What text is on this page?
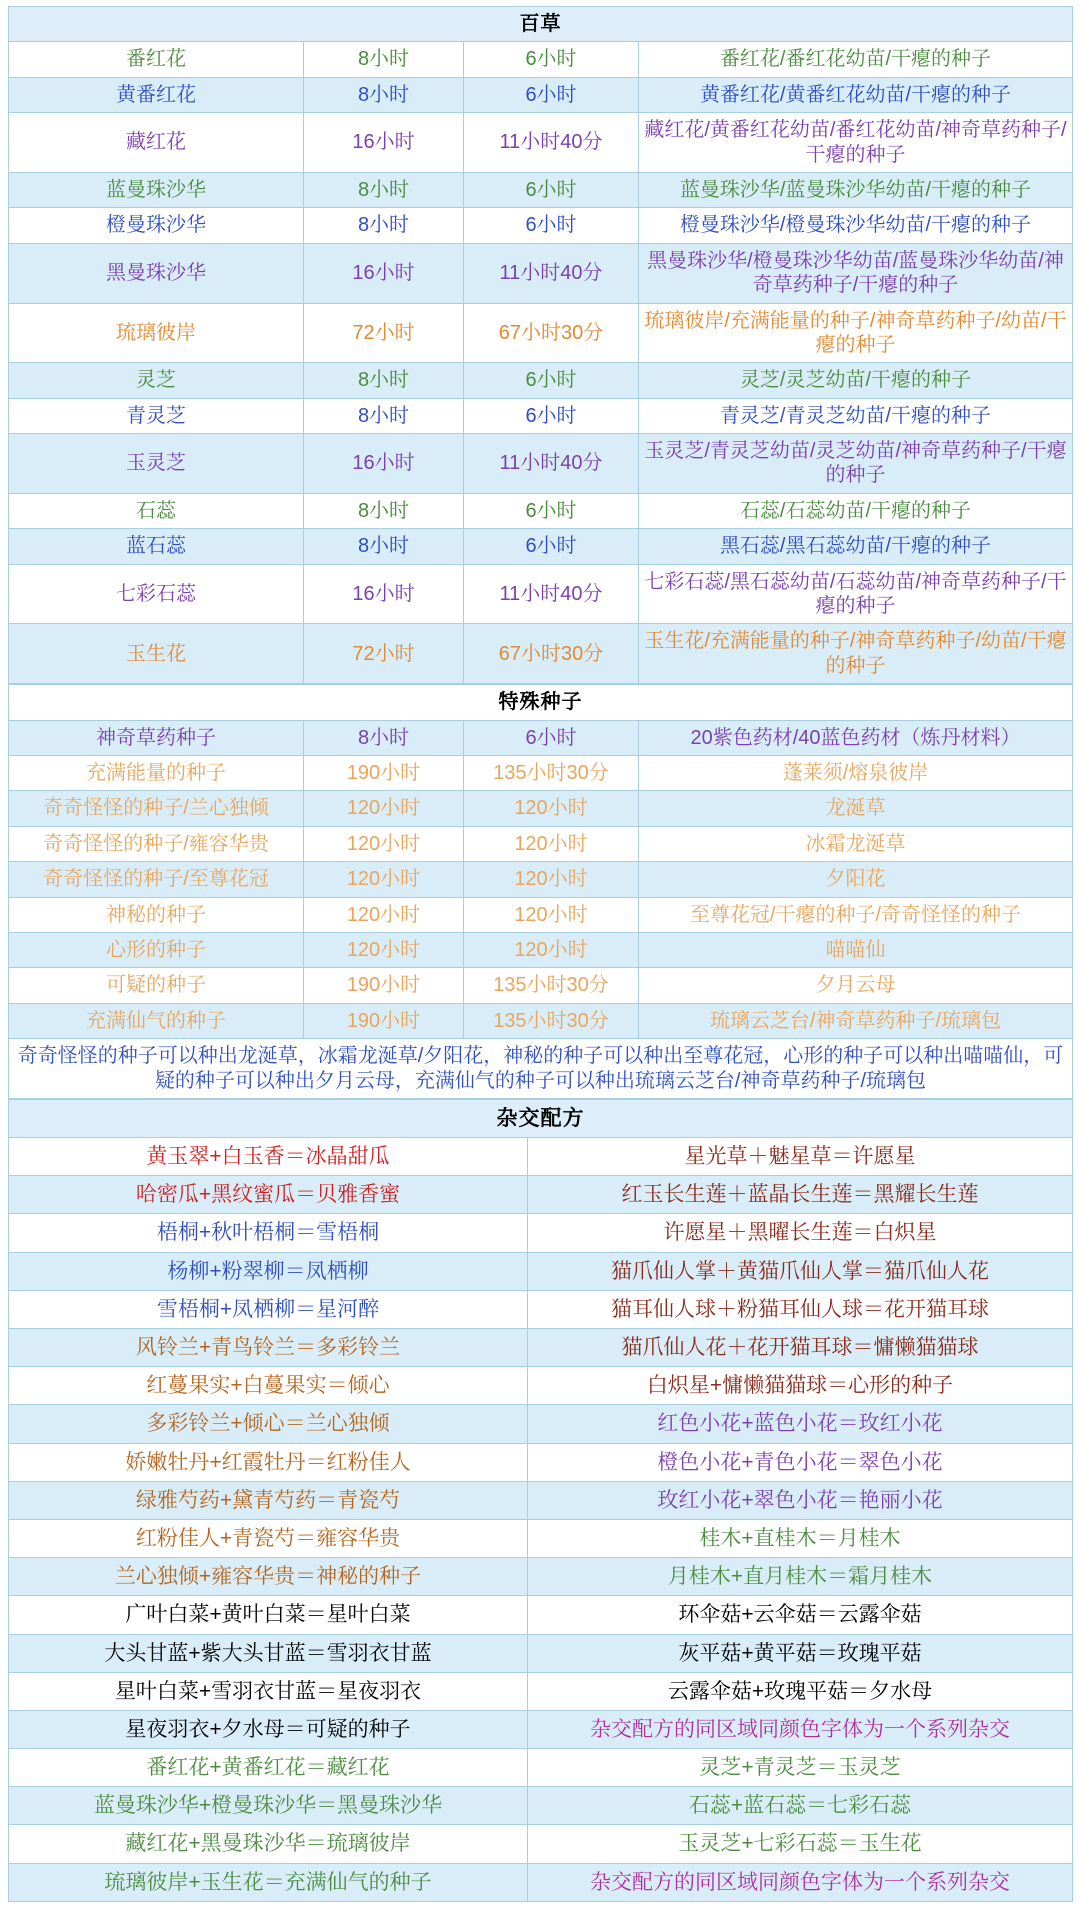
百草			
番红花	8小时	6小时	番红花/番红花幼苗/干瘪的种子
黄番红花	8小时	6小时	黄番红花/黄番红花幼苗/干瘪的种子
藏红花	16小时	11小时40分	藏红花/黄番红花幼苗/番红花幼苗/神奇草药种子/干瘪的种子
蓝曼珠沙华	8小时	6小时	蓝曼珠沙华/蓝曼珠沙华幼苗/干瘪的种子
橙曼珠沙华	8小时	6小时	橙曼珠沙华/橙曼珠沙华幼苗/干瘪的种子
黑曼珠沙华	16小时	11小时40分	黑曼珠沙华/橙曼珠沙华幼苗/蓝曼珠沙华幼苗/神奇草药种子/干瘪的种子
琉璃彼岸	72小时	67小时30分	琉璃彼岸/充满能量的种子/神奇草药种子/幼苗/干瘪的种子
灵芝	8小时	6小时	灵芝/灵芝幼苗/干瘪的种子
青灵芝	8小时	6小时	青灵芝/青灵芝幼苗/干瘪的种子
玉灵芝	16小时	11小时40分	玉灵芝/青灵芝幼苗/灵芝幼苗/神奇草药种子/干瘪的种子
石蕊	8小时	6小时	石蕊/石蕊幼苗/干瘪的种子
蓝石蕊	8小时	6小时	黑石蕊/黑石蕊幼苗/干瘪的种子
七彩石蕊	16小时	11小时40分	七彩石蕊/黑石蕊幼苗/石蕊幼苗/神奇草药种子/干瘪的种子
玉生花	72小时	67小时30分	玉生花/充满能量的种子/神奇草药种子/幼苗/干瘪的种子
特殊种子			
神奇草药种子	8小时	6小时	20紫色药材/40蓝色药材（炼丹材料）
充满能量的种子	190小时	135小时30分	蓬莱须/熔泉彼岸
奇奇怪怪的种子/兰心独倾	120小时	120小时	龙涎草
奇奇怪怪的种子/雍容华贵	120小时	120小时	冰霜龙涎草
奇奇怪怪的种子/至尊花冠	120小时	120小时	夕阳花
神秘的种子	120小时	120小时	至尊花冠/干瘪的种子/奇奇怪怪的种子
心形的种子	120小时	120小时	喵喵仙
可疑的种子	190小时	135小时30分	夕月云母
充满仙气的种子	190小时	135小时30分	琉璃云芝台/神奇草药种子/琉璃包
奇奇怪怪的种子可以种出龙涎草，冰霜龙涎草/夕阳花，神秘的种子可以种出至尊花冠，心形的种子可以种出喵喵仙，可疑的种子可以种出夕月云母，充满仙气的种子可以种出琉璃云芝台/神奇草药种子/琉璃包			
杂交配方	
黄玉翠+白玉香＝冰晶甜瓜	星光草＋魅星草＝许愿星
哈密瓜+黑纹蜜瓜＝贝雅香蜜	红玉长生莲＋蓝晶长生莲＝黑耀长生莲
梧桐+秋叶梧桐＝雪梧桐	许愿星＋黑曜长生莲＝白炽星
杨柳+粉翠柳＝凤栖柳	猫爪仙人掌＋黄猫爪仙人掌＝猫爪仙人花
雪梧桐+凤栖柳＝星河醉	猫耳仙人球＋粉猫耳仙人球＝花开猫耳球
风铃兰+青鸟铃兰＝多彩铃兰	猫爪仙人花＋花开猫耳球＝慵懒猫猫球
红蔓果实+白蔓果实＝倾心	白炽星+慵懒猫猫球＝心形的种子
多彩铃兰+倾心＝兰心独倾	红色小花+蓝色小花＝玫红小花
娇嫩牡丹+红霞牡丹＝红粉佳人	橙色小花+青色小花＝翠色小花
绿雅芍药+黛青芍药＝青瓷芍	玫红小花+翠色小花＝艳丽小花
红粉佳人+青瓷芍＝雍容华贵	桂木+直桂木＝月桂木
兰心独倾+雍容华贵＝神秘的种子	月桂木+直月桂木＝霜月桂木
广叶白菜+黄叶白菜＝星叶白菜	环伞菇+云伞菇＝云露伞菇
大头甘蓝+紫大头甘蓝＝雪羽衣甘蓝	灰平菇+黄平菇＝玫瑰平菇
星叶白菜+雪羽衣甘蓝＝星夜羽衣	云露伞菇+玫瑰平菇＝夕水母
星夜羽衣+夕水母＝可疑的种子	杂交配方的同区域同颜色字体为一个系列杂交
番红花+黄番红花＝藏红花	灵芝+青灵芝＝玉灵芝
蓝曼珠沙华+橙曼珠沙华＝黑曼珠沙华	石蕊+蓝石蕊＝七彩石蕊
藏红花+黑曼珠沙华＝琉璃彼岸	玉灵芝+七彩石蕊＝玉生花
琉璃彼岸+玉生花＝充满仙气的种子	杂交配方的同区域同颜色字体为一个系列杂交
